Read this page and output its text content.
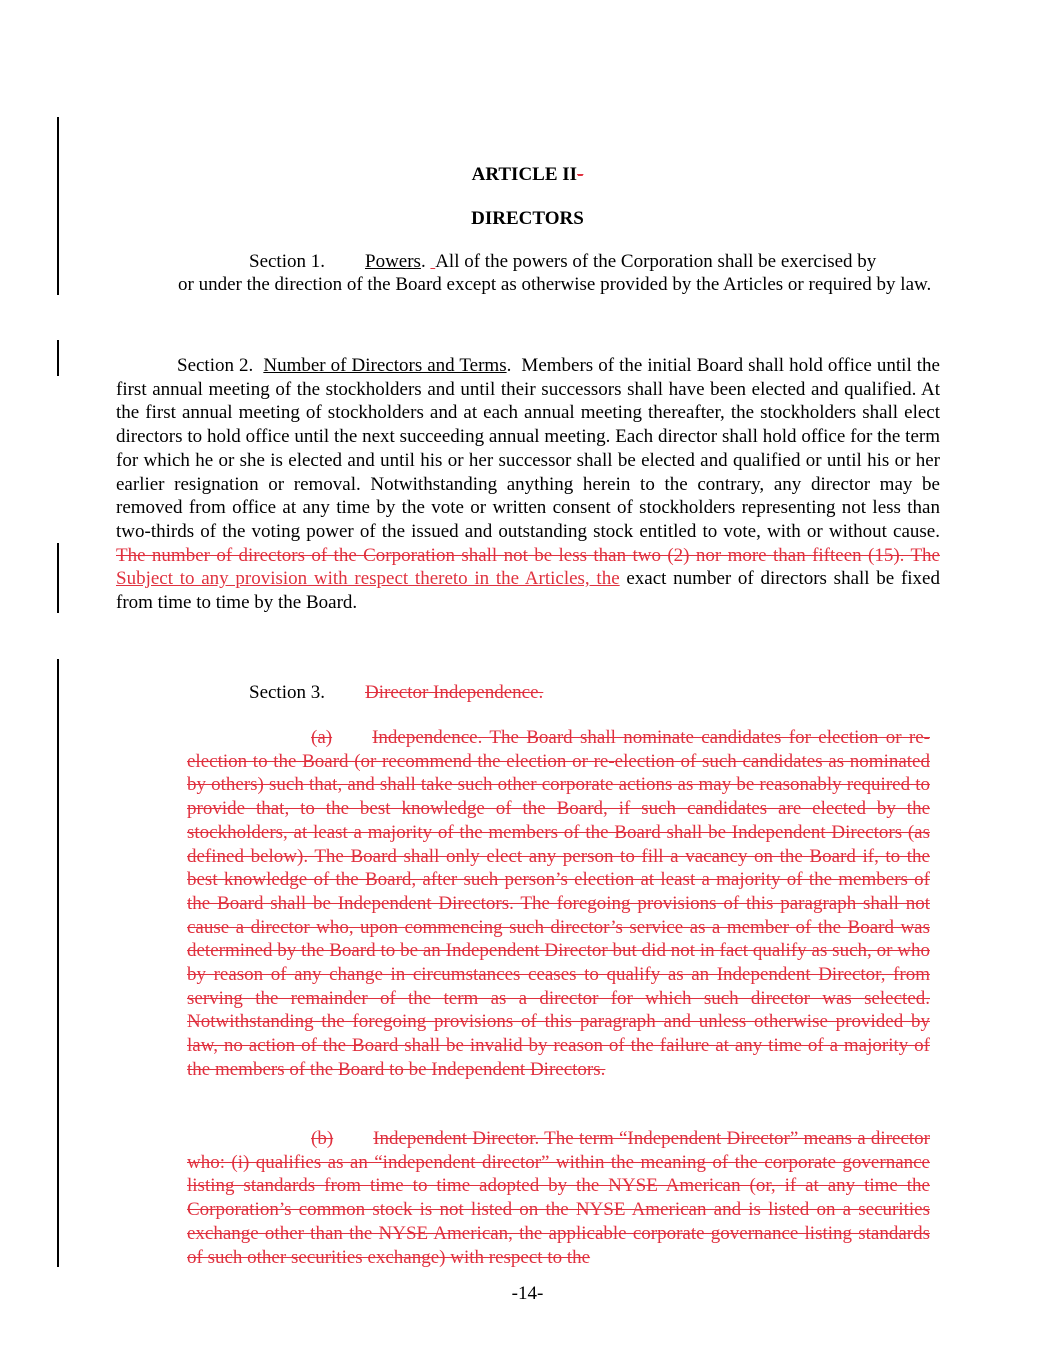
ARTICLE II-
DIRECTORS
Section 1. Powers. All of the powers of the Corporation shall be exercised by
or under the direction of the Board except as otherwise provided by the Articles or required by law.
Section 2. Number of Directors and Terms. Members of the initial Board shall hold office until the first annual meeting of the stockholders and until their successors shall have been elected and qualified. At the first annual meeting of stockholders and at each annual meeting thereafter, the stockholders shall elect directors to hold office until the next succeeding annual meeting. Each director shall hold office for the term for which he or she is elected and until his or her successor shall be elected and qualified or until his or her earlier resignation or removal. Notwithstanding anything herein to the contrary, any director may be removed from office at any time by the vote or written consent of stockholders representing not less than two-thirds of the voting power of the issued and outstanding stock entitled to vote, with or without cause. The number of directors of the Corporation shall not be less than two (2) nor more than fifteen (15). The Subject to any provision with respect thereto in the Articles, the exact number of directors shall be fixed from time to time by the Board.
Section 3. Director Independence.
(a) Independence. The Board shall nominate candidates for election or re-election to the Board (or recommend the election or re-election of such candidates as nominated by others) such that, and shall take such other corporate actions as may be reasonably required to provide that, to the best knowledge of the Board, if such candidates are elected by the stockholders, at least a majority of the members of the Board shall be Independent Directors (as defined below). The Board shall only elect any person to fill a vacancy on the Board if, to the best knowledge of the Board, after such person’s election at least a majority of the members of the Board shall be Independent Directors. The foregoing provisions of this paragraph shall not cause a director who, upon commencing such director’s service as a member of the Board was determined by the Board to be an Independent Director but did not in fact qualify as such, or who by reason of any change in circumstances ceases to qualify as an Independent Director, from serving the remainder of the term as a director for which such director was selected. Notwithstanding the foregoing provisions of this paragraph and unless otherwise provided by law, no action of the Board shall be invalid by reason of the failure at any time of a majority of the members of the Board to be Independent Directors.
(b) Independent Director. The term “Independent Director” means a director who: (i) qualifies as an “independent director” within the meaning of the corporate governance listing standards from time to time adopted by the NYSE American (or, if at any time the Corporation’s common stock is not listed on the NYSE American and is listed on a securities exchange other than the NYSE American, the applicable corporate governance listing standards of such other securities exchange) with respect to the
-14-
